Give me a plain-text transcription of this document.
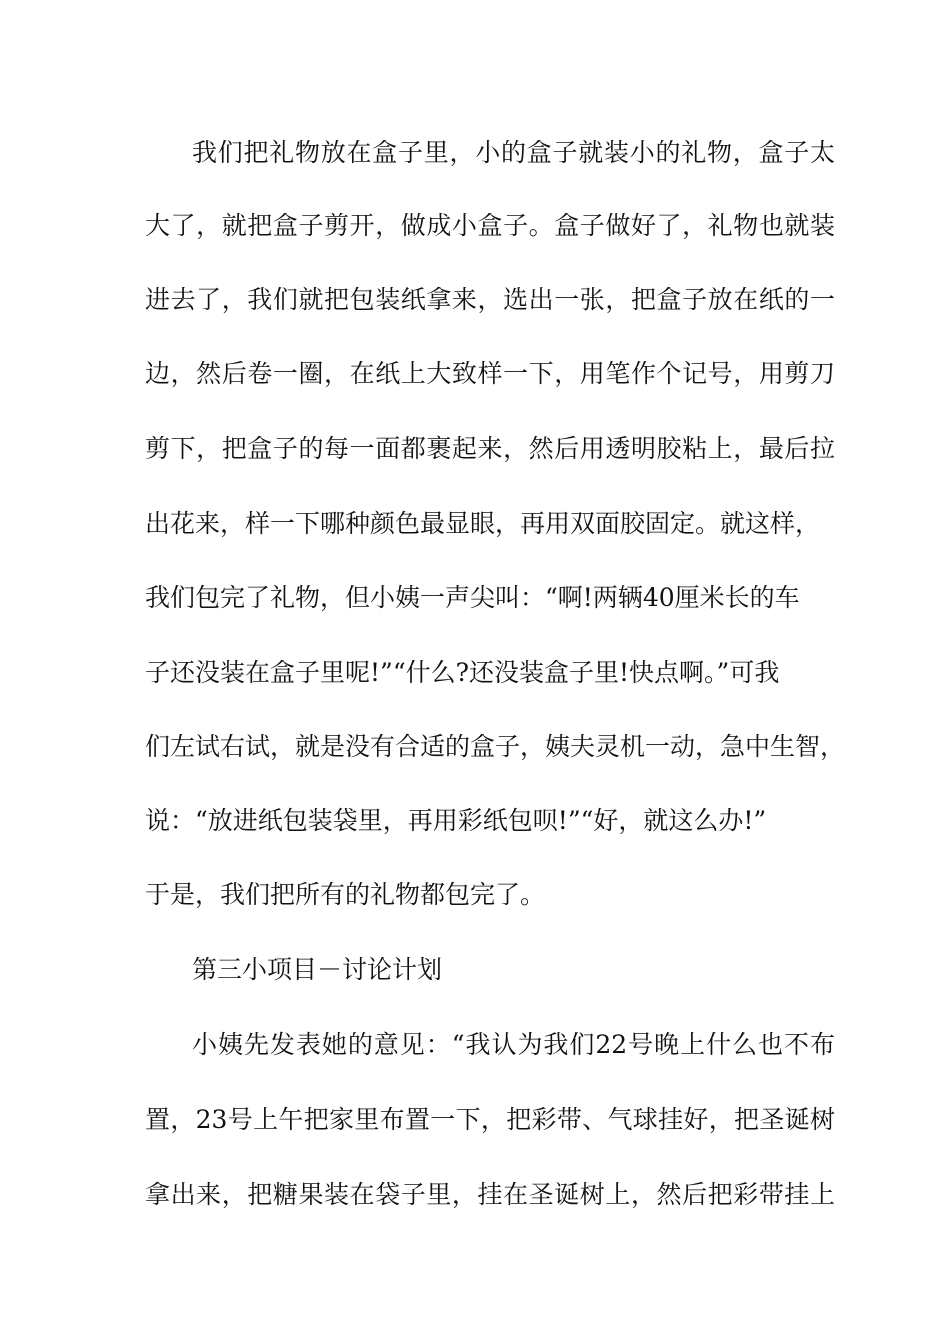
我们把礼物放在盒子里，小的盒子就装小的礼物，盒子太
大了，就把盒子剪开，做成小盒子。盒子做好了，礼物也就装
进去了，我们就把包装纸拿来，选出一张，把盒子放在纸的一
边，然后卷一圈，在纸上大致样一下，用笔作个记号，用剪刀
剪下，把盒子的每一面都裹起来，然后用透明胶粘上，最后拉
出花来，样一下哪种颜色最显眼，再用双面胶固定。就这样，
我们包完了礼物，但小姨一声尖叫：“啊!两辆40厘米长的车
子还没装在盒子里呢!”“什么?还没装盒子里!快点啊。”可我
们左试右试，就是没有合适的盒子，姨夫灵机一动，急中生智，
说：“放进纸包装袋里，再用彩纸包呗!”“好，就这么办!”
于是，我们把所有的礼物都包完了。
第三小项目－讨论计划
小姨先发表她的意见：“我认为我们22号晚上什么也不布
置，23号上午把家里布置一下，把彩带、气球挂好，把圣诞树
拿出来，把糖果装在袋子里，挂在圣诞树上，然后把彩带挂上
